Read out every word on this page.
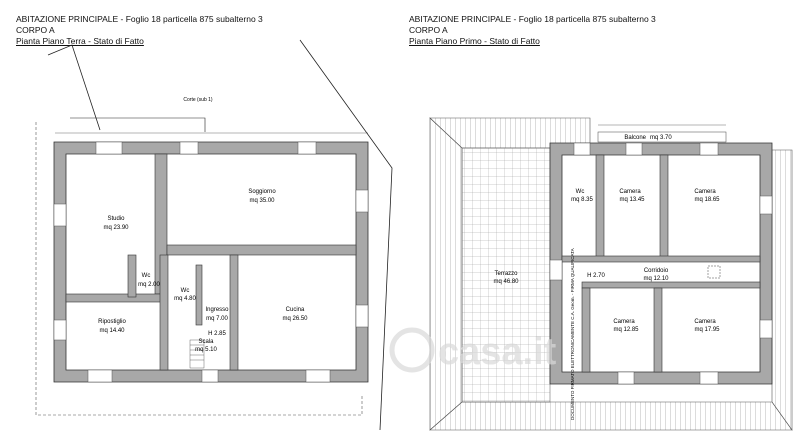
ABITAZIONE PRINCIPALE - Foglio 18 particella 875 subalterno 3
CORPO A
Pianta Piano Terra - Stato di Fatto
ABITAZIONE PRINCIPALE - Foglio 18 particella 875 subalterno 3
CORPO A
Pianta Piano Primo - Stato di Fatto
Corte (sub 1)
Studio
mq 23.90
Soggiorno
mq 35.00
Wc
mq 2.00
Wc
mq 4.80
Ingresso
mq 7.00
Ripostiglio
mq 14.40
Scala
mq 5.10
Cucina
mq 26.50
H 2.85
Balcone mq 3.70
Wc
mq 8.35
Camera
mq 13.45
Camera
mq 18.65
Terrazzo
mq 46.80
Corridoio
mq 12.10
H 2.70
Camera
mq 12.85
Camera
mq 17.95
DOCUMENTO FIRMATO ELETTRONICAMENTE C.A. Geom. - FIRMA QUALIFICATA
casa.it
